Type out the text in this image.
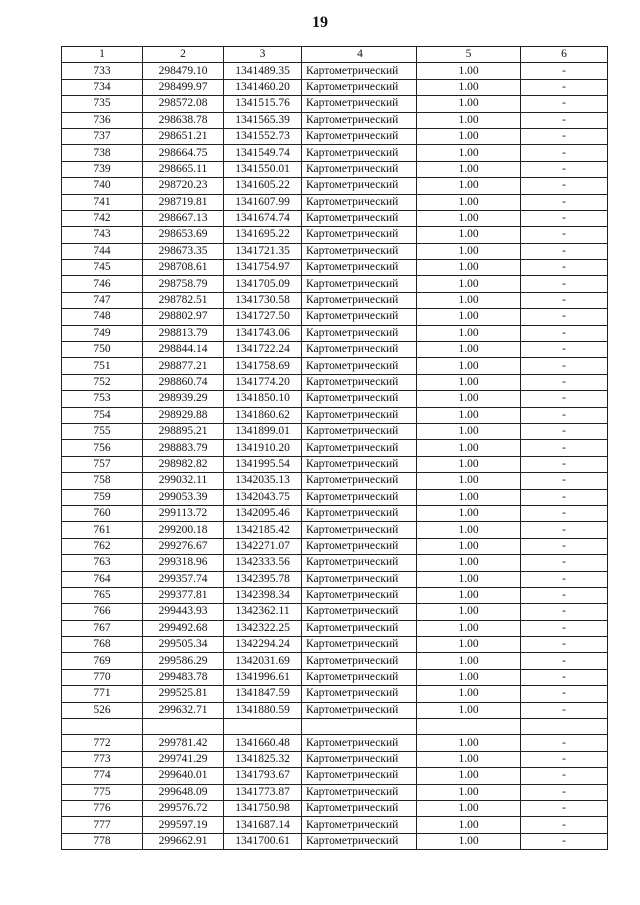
19
1	2	3	4	5	6
733	298479.10	1341489.35	Картометрический	1.00	-
734	298499.97	1341460.20	Картометрический	1.00	-
735	298572.08	1341515.76	Картометрический	1.00	-
736	298638.78	1341565.39	Картометрический	1.00	-
737	298651.21	1341552.73	Картометрический	1.00	-
738	298664.75	1341549.74	Картометрический	1.00	-
739	298665.11	1341550.01	Картометрический	1.00	-
740	298720.23	1341605.22	Картометрический	1.00	-
741	298719.81	1341607.99	Картометрический	1.00	-
742	298667.13	1341674.74	Картометрический	1.00	-
743	298653.69	1341695.22	Картометрический	1.00	-
744	298673.35	1341721.35	Картометрический	1.00	-
745	298708.61	1341754.97	Картометрический	1.00	-
746	298758.79	1341705.09	Картометрический	1.00	-
747	298782.51	1341730.58	Картометрический	1.00	-
748	298802.97	1341727.50	Картометрический	1.00	-
749	298813.79	1341743.06	Картометрический	1.00	-
750	298844.14	1341722.24	Картометрический	1.00	-
751	298877.21	1341758.69	Картометрический	1.00	-
752	298860.74	1341774.20	Картометрический	1.00	-
753	298939.29	1341850.10	Картометрический	1.00	-
754	298929.88	1341860.62	Картометрический	1.00	-
755	298895.21	1341899.01	Картометрический	1.00	-
756	298883.79	1341910.20	Картометрический	1.00	-
757	298982.82	1341995.54	Картометрический	1.00	-
758	299032.11	1342035.13	Картометрический	1.00	-
759	299053.39	1342043.75	Картометрический	1.00	-
760	299113.72	1342095.46	Картометрический	1.00	-
761	299200.18	1342185.42	Картометрический	1.00	-
762	299276.67	1342271.07	Картометрический	1.00	-
763	299318.96	1342333.56	Картометрический	1.00	-
764	299357.74	1342395.78	Картометрический	1.00	-
765	299377.81	1342398.34	Картометрический	1.00	-
766	299443.93	1342362.11	Картометрический	1.00	-
767	299492.68	1342322.25	Картометрический	1.00	-
768	299505.34	1342294.24	Картометрический	1.00	-
769	299586.29	1342031.69	Картометрический	1.00	-
770	299483.78	1341996.61	Картометрический	1.00	-
771	299525.81	1341847.59	Картометрический	1.00	-
526	299632.71	1341880.59	Картометрический	1.00	-

772	299781.42	1341660.48	Картометрический	1.00	-
773	299741.29	1341825.32	Картометрический	1.00	-
774	299640.01	1341793.67	Картометрический	1.00	-
775	299648.09	1341773.87	Картометрический	1.00	-
776	299576.72	1341750.98	Картометрический	1.00	-
777	299597.19	1341687.14	Картометрический	1.00	-
778	299662.91	1341700.61	Картометрический	1.00	-
